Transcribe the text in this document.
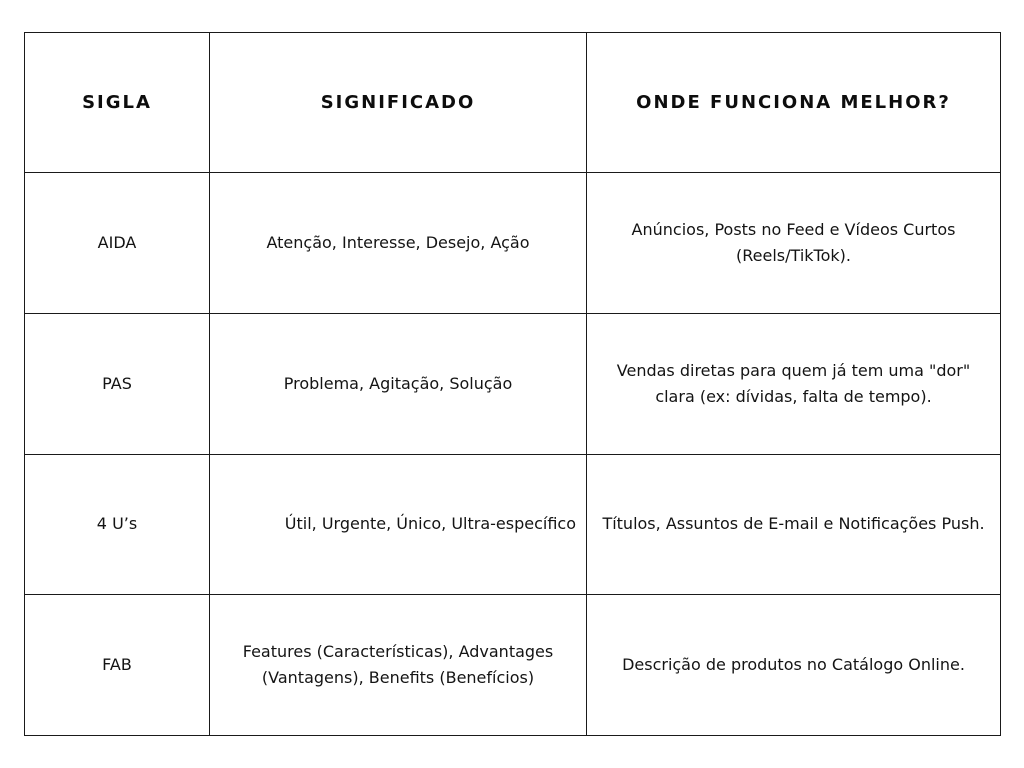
SIGLA	SIGNIFICADO	ONDE FUNCIONA MELHOR?
AIDA	Atenção, Interesse, Desejo, Ação	Anúncios, Posts no Feed e Vídeos Curtos (Reels/TikTok).
PAS	Problema, Agitação, Solução	Vendas diretas para quem já tem uma "dor" clara (ex: dívidas, falta de tempo).
4 U’s	Útil, Urgente, Único, Ultra-específico	Títulos, Assuntos de E-mail e Notificações Push.
FAB	Features (Características), Advantages (Vantagens), Benefits (Benefícios)	Descrição de produtos no Catálogo Online.
